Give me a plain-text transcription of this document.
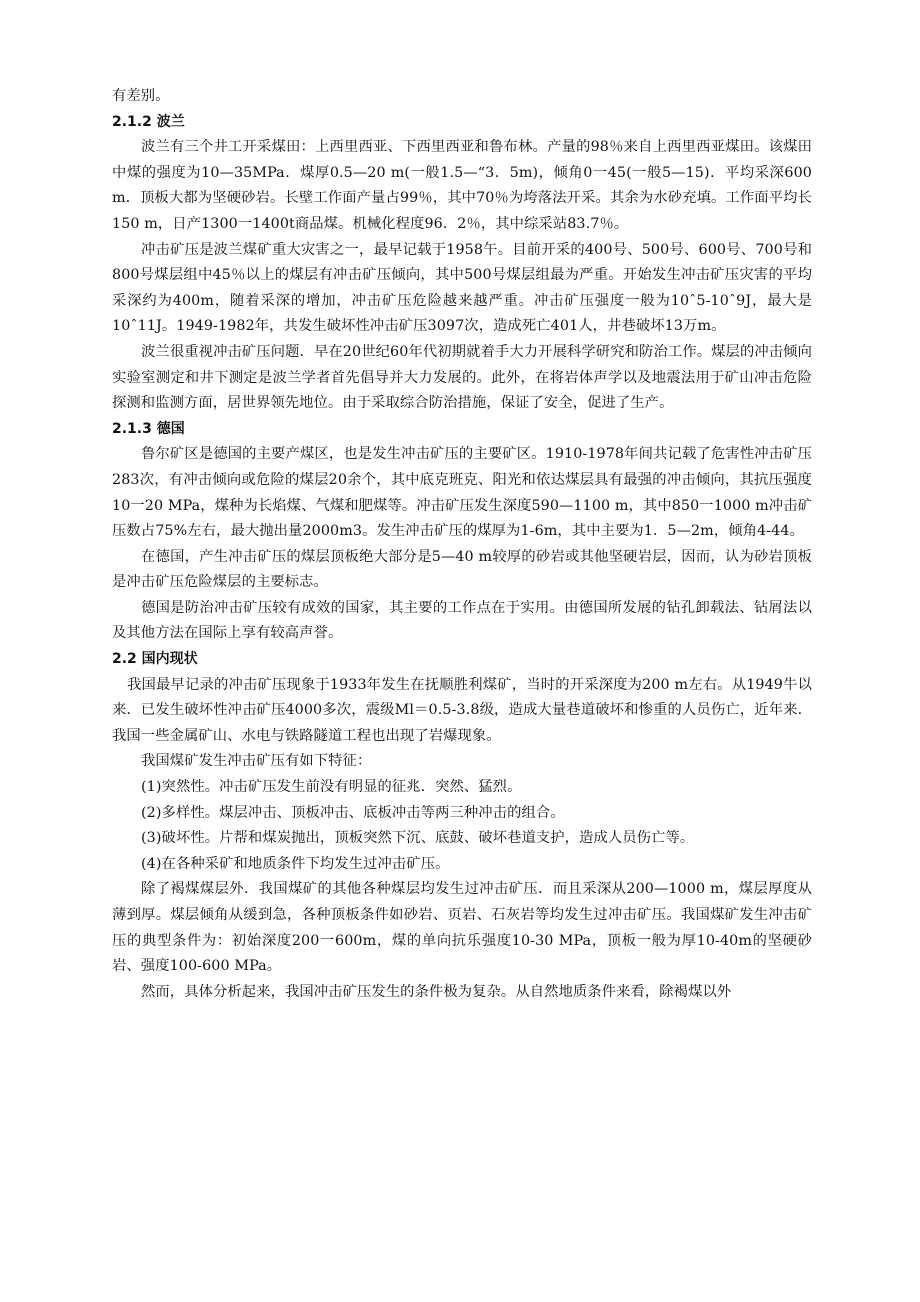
有差别。

2.1.2 波兰

波兰有三个井工开采煤田：上西里西亚、下西里西亚和鲁布林。产量的98％来自上西里西亚煤田。该煤田中煤的强度为10—35MPa．煤厚0.5—20 m(一般1.5—“3．5m)，倾角0一45(一般5—15)．平均采深600 m．顶板大都为坚硬砂岩。长壁工作面产量占99％，其中70％为垮落法开采。其余为水砂充填。工作面平均长150 m，日产1300一1400t商品煤。机械化程度96．2％，其中综采站83.7％。

冲击矿压是波兰煤矿重大灾害之一，最早记载于1958午。目前开采的400号、500号、600号、700号和800号煤层组中45％以上的煤层有冲击矿压倾向，其中500号煤层组最为严重。开始发生冲击矿压灾害的平均采深约为400m，随着采深的增加，冲击矿压危险越来越严重。冲击矿压强度一般为10ˆ5-10ˆ9J，最大是10ˆ11J。1949-1982年，共发生破坏性冲击矿压3097次，造成死亡401人，井巷破坏13万m。

波兰很重视冲击矿压问题．早在20世纪60年代初期就着手大力开展科学研究和防治工作。煤层的冲击倾向实验室测定和井下测定是波兰学者首先倡导并大力发展的。此外，在将岩体声学以及地震法用于矿山冲击危险探测和监测方面，居世界领先地位。由于采取综合防治措施，保证了安全，促进了生产。

2.1.3 德国

鲁尔矿区是德国的主要产煤区，也是发生冲击矿压的主要矿区。1910-1978年间共记载了危害性冲击矿压283次，有冲击倾向或危险的煤层20余个，其中底克班克、阳光和依达煤层具有最强的冲击倾向，其抗压强度10一20 MPa，煤种为长焰煤、气煤和肥煤等。冲击矿压发生深度590—1100 m，其中850一1000 m冲击矿压数占75%左右，最大抛出量2000m3。发生冲击矿压的煤厚为1-6m，其中主要为1．5—2m，倾角4-44。

在德国，产生冲击矿压的煤层顶板绝大部分是5—40 m较厚的砂岩或其他坚硬岩层，因而，认为砂岩顶板是冲击矿压危险煤层的主要标志。

德国是防治冲击矿压较有成效的国家，其主要的工作点在于实用。由德国所发展的钻孔卸载法、钻屑法以及其他方法在国际上享有较高声誉。

2.2 国内现状

我国最早记录的冲击矿压现象于1933年发生在抚顺胜利煤矿，当时的开采深度为200 m左右。从1949牛以来．已发生破坏性冲击矿压4000多次，震级Ml＝0.5-3.8级，造成大量巷道破坏和惨重的人员伤亡，近年来．我国一些金属矿山、水电与铁路隧道工程也出现了岩爆现象。

我国煤矿发生冲击矿压有如下特征：

(1)突然性。冲击矿压发生前没有明显的征兆．突然、猛烈。

(2)多样性。煤层冲击、顶板冲击、底板冲击等两三种冲击的组合。

(3)破坏性。片帮和煤炭抛出，顶板突然下沉、底鼓、破坏巷道支护，造成人员伤亡等。

(4)在各种采矿和地质条件下均发生过冲击矿压。

除了褐煤煤层外．我国煤矿的其他各种煤层均发生过冲击矿压．而且采深从200—1000 m，煤层厚度从薄到厚。煤层倾角从缓到急，各种顶板条件如砂岩、页岩、石灰岩等均发生过冲击矿压。我国煤矿发生冲击矿压的典型条件为：初始深度200一600m，煤的单向抗乐强度10-30 MPa，顶板一般为厚10-40m的坚硬砂岩、强度100-600 MPa。

然而，具体分析起来，我国冲击矿压发生的条件极为复杂。从自然地质条件来看，除褐煤以外
